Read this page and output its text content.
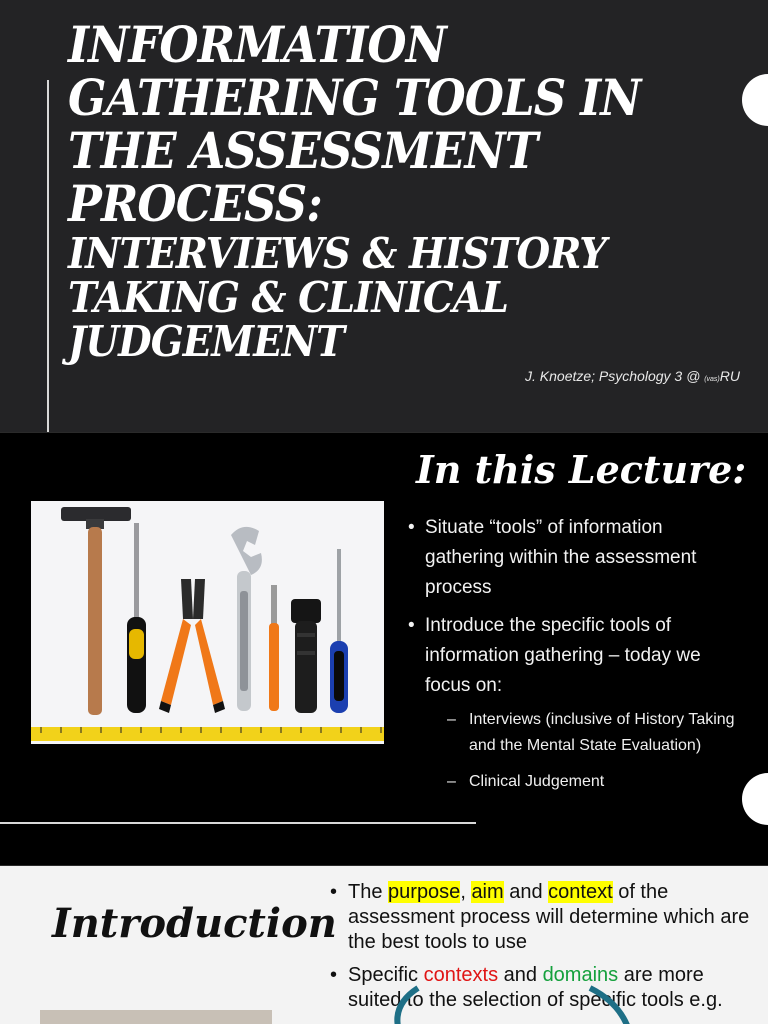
INFORMATION GATHERING TOOLS IN THE ASSESSMENT PROCESS:
INTERVIEWS & HISTORY TAKING & CLINICAL JUDGEMENT
J. Knoetze; Psychology 3 @ (vas)RU
In this Lecture:
• Situate “tools” of information gathering within the assessment process
• Introduce the specific tools of information gathering – today we focus on:
– Interviews (inclusive of History Taking and the Mental State Evaluation)
– Clinical Judgement
Introduction
• The purpose, aim and context of the assessment process will determine which are the best tools to use
• Specific contexts and domains are more suited to the selection of specific tools e.g.
